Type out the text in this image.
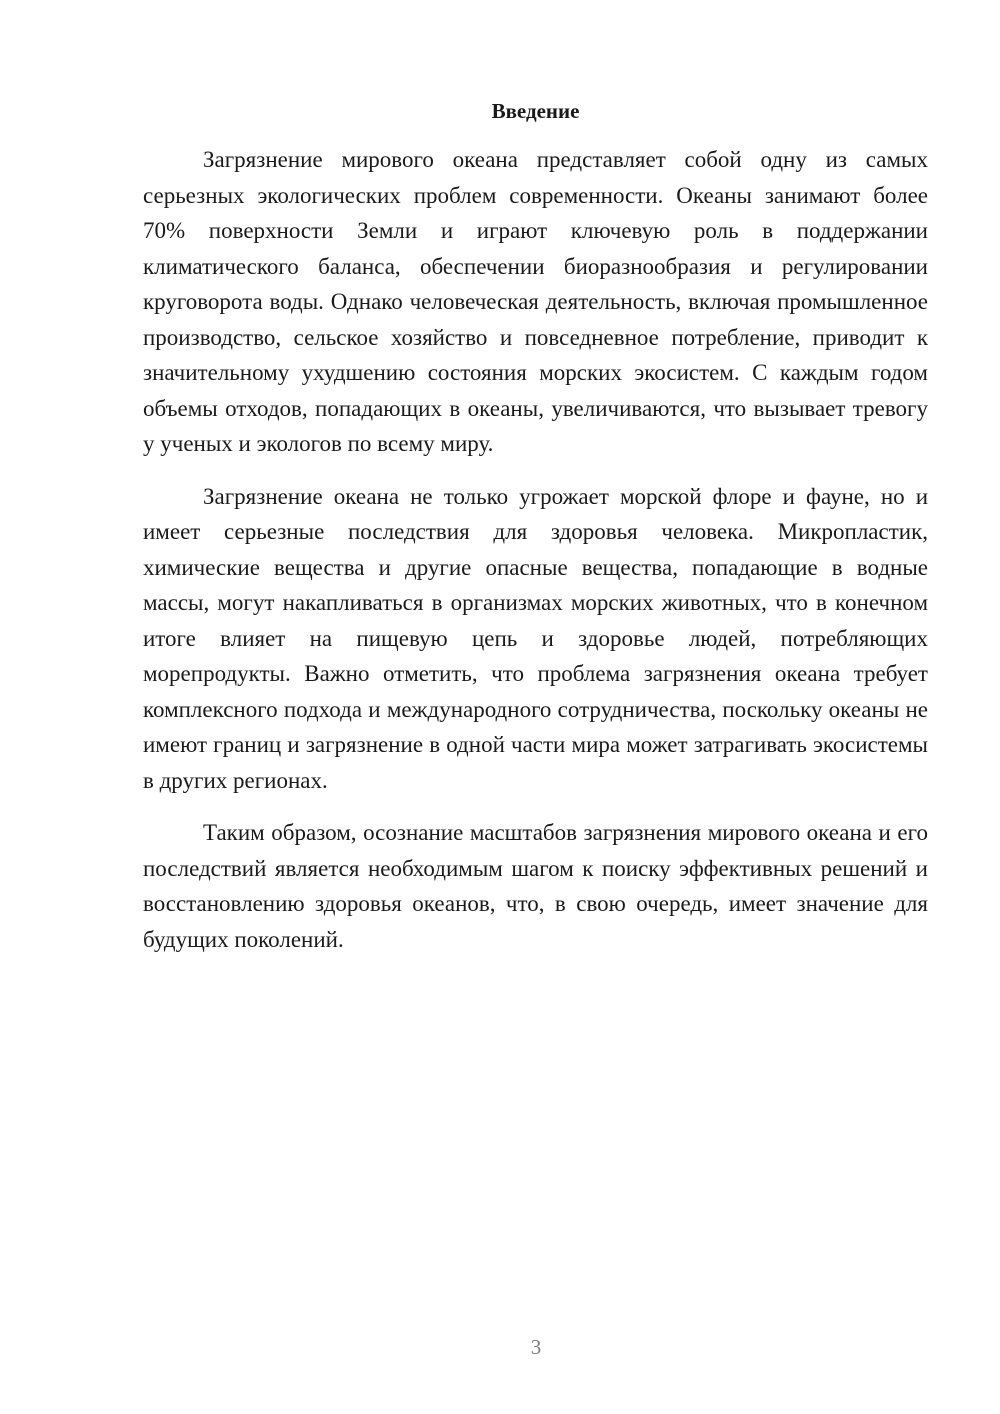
Введение

Загрязнение мирового океана представляет собой одну из самых серьезных экологических проблем современности. Океаны занимают более 70% поверхности Земли и играют ключевую роль в поддержании климатического баланса, обеспечении биоразнообразия и регулировании круговорота воды. Однако человеческая деятельность, включая промышленное производство, сельское хозяйство и повседневное потребление, приводит к значительному ухудшению состояния морских экосистем. С каждым годом объемы отходов, попадающих в океаны, увеличиваются, что вызывает тревогу у ученых и экологов по всему миру.

Загрязнение океана не только угрожает морской флоре и фауне, но и имеет серьезные последствия для здоровья человека. Микропластик, химические вещества и другие опасные вещества, попадающие в водные массы, могут накапливаться в организмах морских животных, что в конечном итоге влияет на пищевую цепь и здоровье людей, потребляющих морепродукты. Важно отметить, что проблема загрязнения океана требует комплексного подхода и международного сотрудничества, поскольку океаны не имеют границ и загрязнение в одной части мира может затрагивать экосистемы в других регионах.

Таким образом, осознание масштабов загрязнения мирового океана и его последствий является необходимым шагом к поиску эффективных решений и восстановлению здоровья океанов, что, в свою очередь, имеет значение для будущих поколений.

3
